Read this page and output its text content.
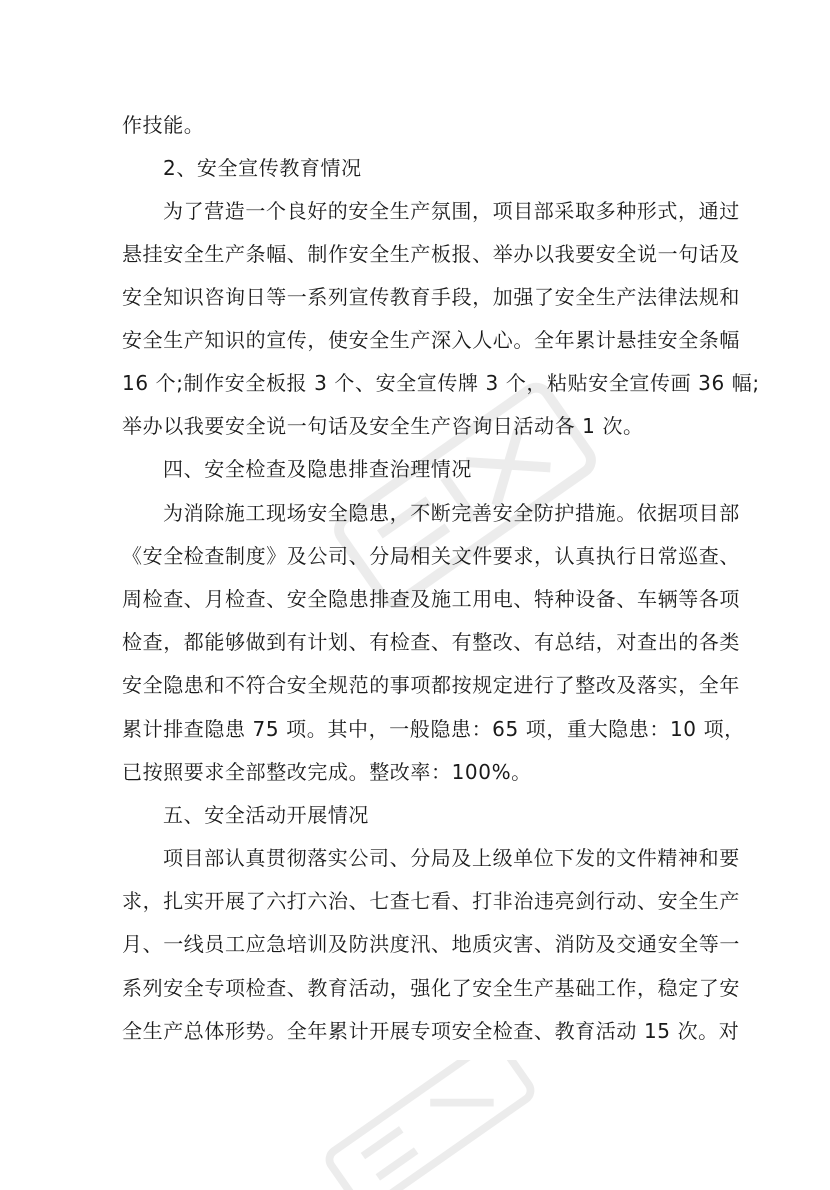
作技能。
2、安全宣传教育情况
为了营造一个良好的安全生产氛围，项目部采取多种形式，通过
悬挂安全生产条幅、制作安全生产板报、举办以我要安全说一句话及
安全知识咨询日等一系列宣传教育手段，加强了安全生产法律法规和
安全生产知识的宣传，使安全生产深入人心。全年累计悬挂安全条幅
16 个;制作安全板报 3 个、安全宣传牌 3 个，粘贴安全宣传画 36 幅;
举办以我要安全说一句话及安全生产咨询日活动各 1 次。
四、安全检查及隐患排查治理情况
为消除施工现场安全隐患，不断完善安全防护措施。依据项目部
《安全检查制度》及公司、分局相关文件要求，认真执行日常巡查、
周检查、月检查、安全隐患排查及施工用电、特种设备、车辆等各项
检查，都能够做到有计划、有检查、有整改、有总结，对查出的各类
安全隐患和不符合安全规范的事项都按规定进行了整改及落实，全年
累计排查隐患 75 项。其中，一般隐患：65 项，重大隐患：10 项，
已按照要求全部整改完成。整改率：100%。
五、安全活动开展情况
项目部认真贯彻落实公司、分局及上级单位下发的文件精神和要
求，扎实开展了六打六治、七查七看、打非治违亮剑行动、安全生产
月、一线员工应急培训及防洪度汛、地质灾害、消防及交通安全等一
系列安全专项检查、教育活动，强化了安全生产基础工作，稳定了安
全生产总体形势。全年累计开展专项安全检查、教育活动 15 次。对
